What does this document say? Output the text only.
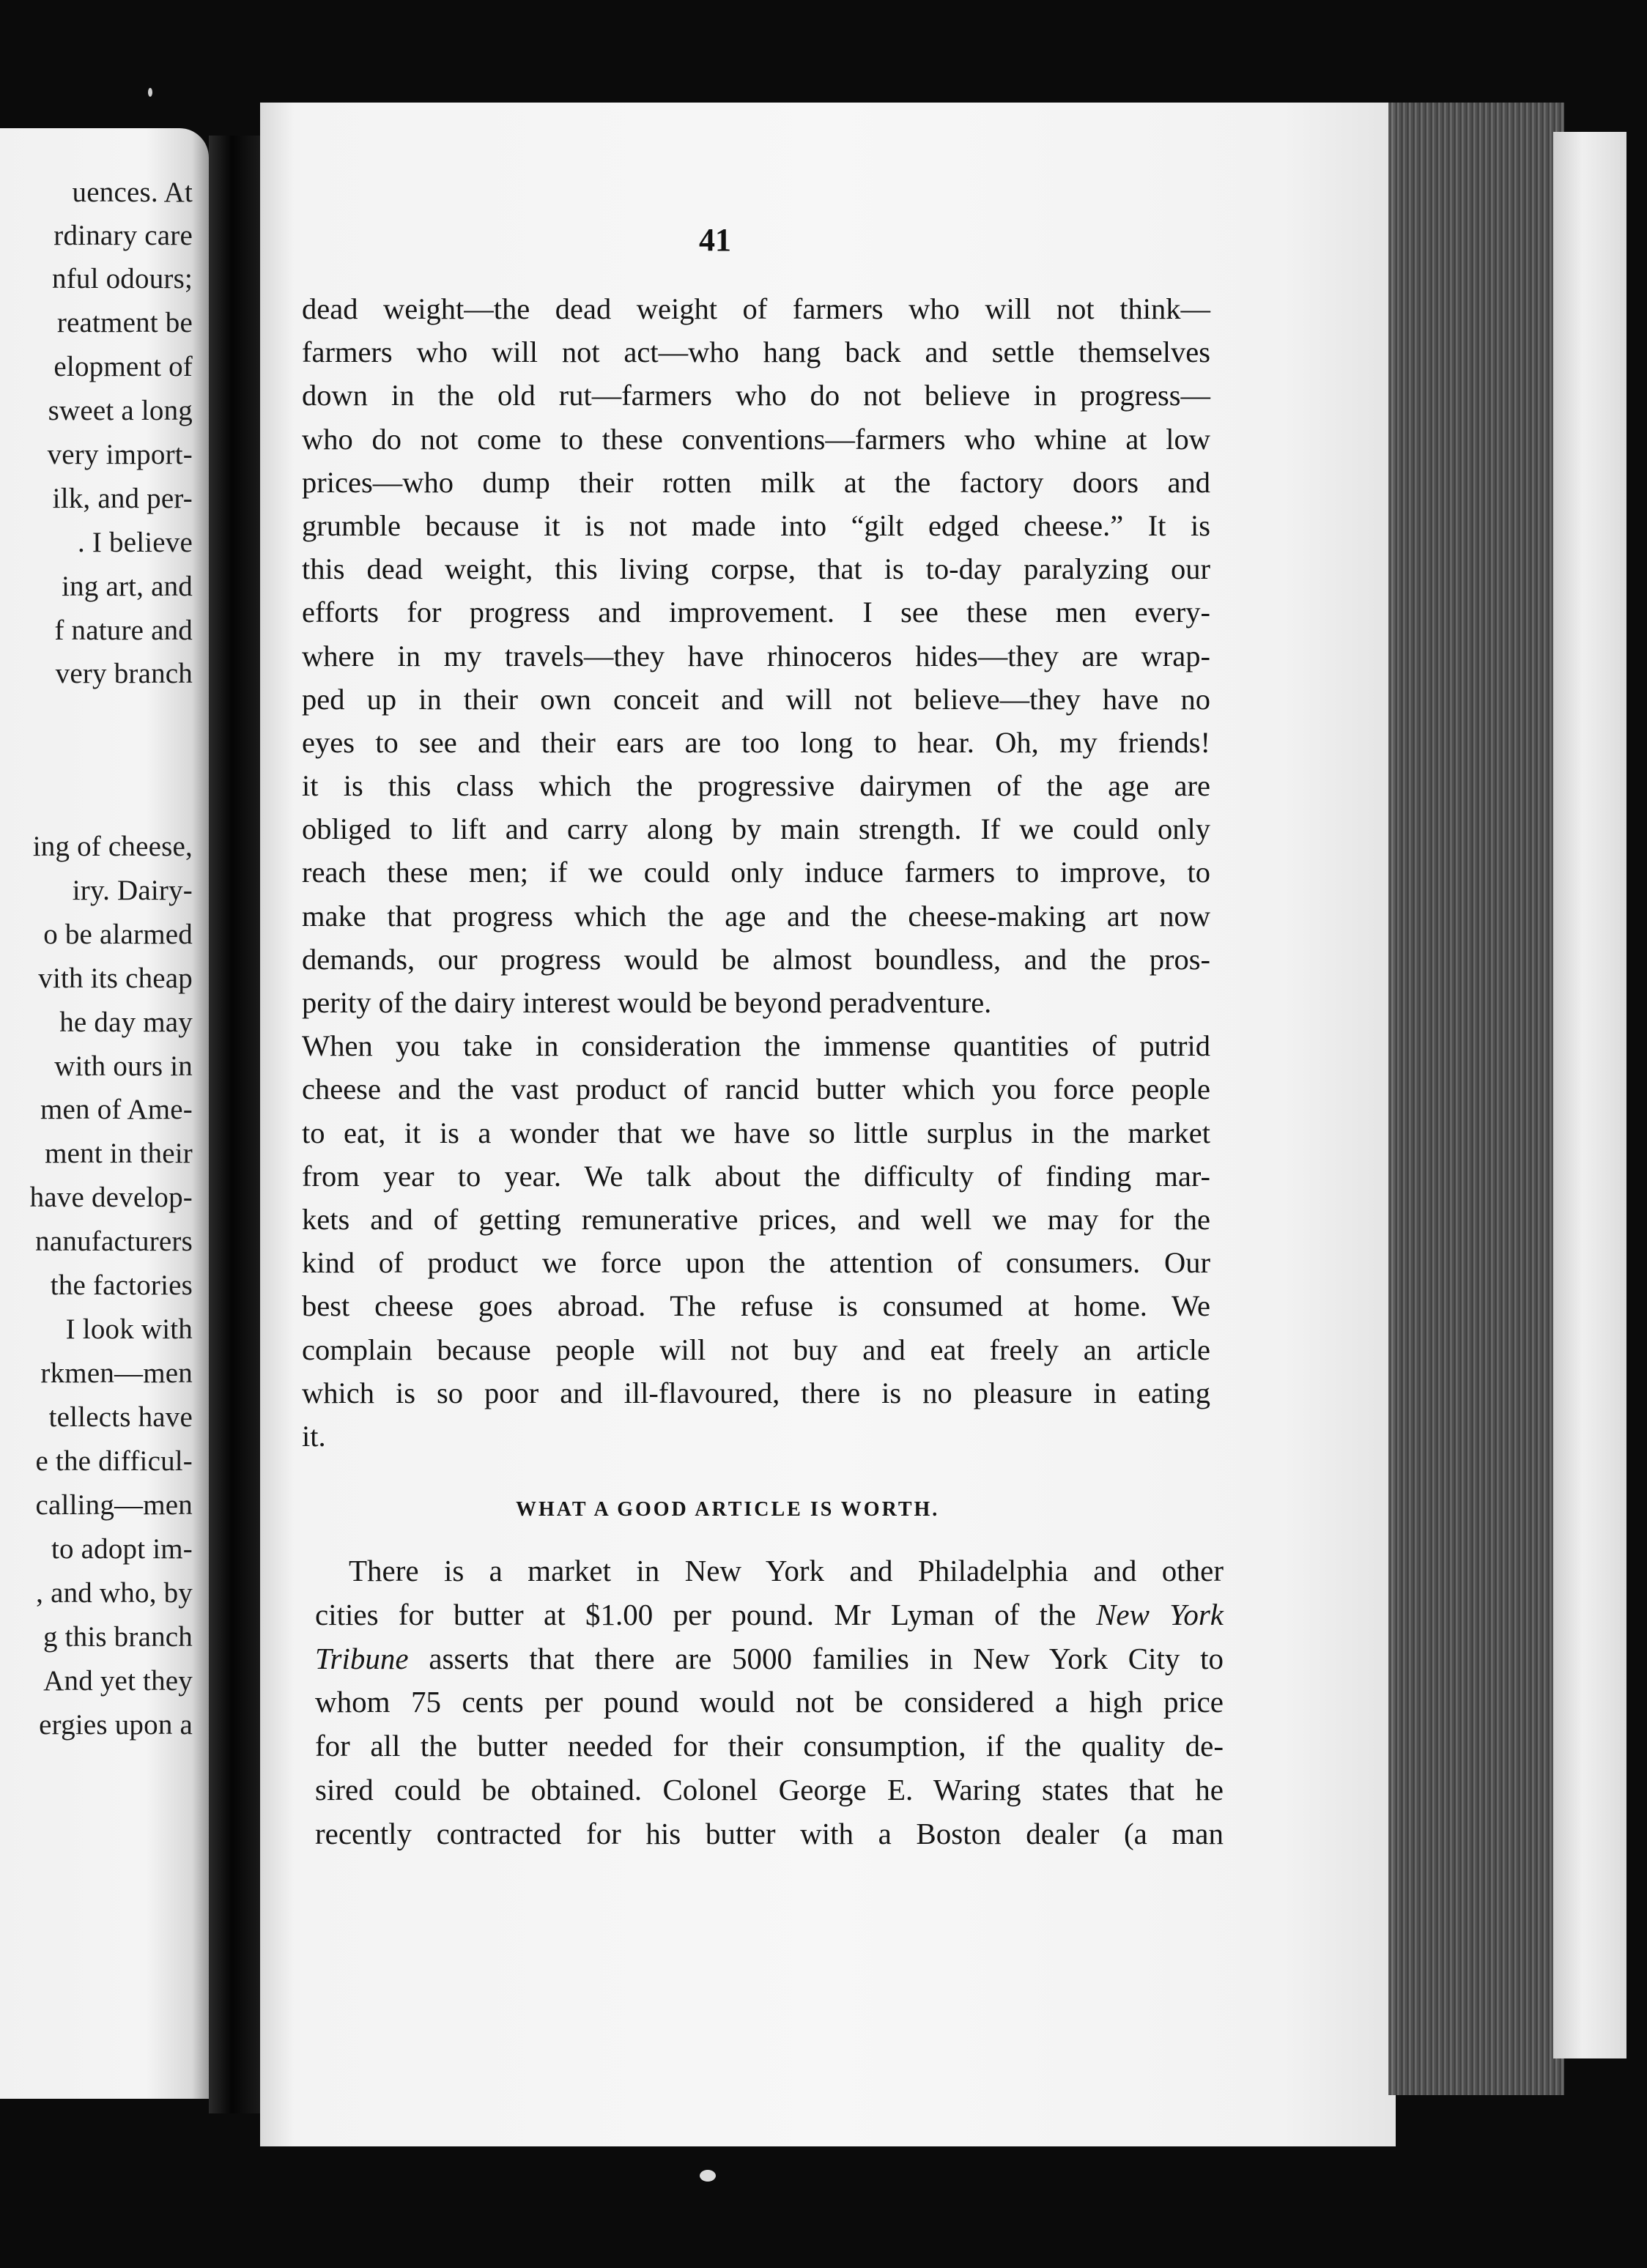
uences. At
rdinary care
nful odours;
reatment be
elopment of
sweet a long
very import-
ilk, and per-
. I believe
ing art, and
f nature and
very branch
ing of cheese,
iry. Dairy-
o be alarmed
vith its cheap
he day may
with ours in
men of Ame-
ment in their
have develop-
nanufacturers
the factories
I look with
rkmen—men
tellects have
e the difficul-
calling—men
to adopt im-
, and who, by
g this branch
And yet they
ergies upon a
41
dead weight—the dead weight of farmers who will not think—
farmers who will not act—who hang back and settle themselves
down in the old rut—farmers who do not believe in progress—
who do not come to these conventions—farmers who whine at low
prices—who dump their rotten milk at the factory doors and
grumble because it is not made into “gilt edged cheese.” It is
this dead weight, this living corpse, that is to-day paralyzing our
efforts for progress and improvement. I see these men every-
where in my travels—they have rhinoceros hides—they are wrap-
ped up in their own conceit and will not believe—they have no
eyes to see and their ears are too long to hear. Oh, my friends!
it is this class which the progressive dairymen of the age are
obliged to lift and carry along by main strength. If we could only
reach these men; if we could only induce farmers to improve, to
make that progress which the age and the cheese-making art now
demands, our progress would be almost boundless, and the pros-
perity of the dairy interest would be beyond peradventure.
When you take in consideration the immense quantities of putrid
cheese and the vast product of rancid butter which you force people
to eat, it is a wonder that we have so little surplus in the market
from year to year. We talk about the difficulty of finding mar-
kets and of getting remunerative prices, and well we may for the
kind of product we force upon the attention of consumers. Our
best cheese goes abroad. The refuse is consumed at home. We
complain because people will not buy and eat freely an article
which is so poor and ill-flavoured, there is no pleasure in eating
it.
WHAT A GOOD ARTICLE IS WORTH.
There is a market in New York and Philadelphia and other
cities for butter at $1.00 per pound. Mr Lyman of the New York
Tribune asserts that there are 5000 families in New York City to
whom 75 cents per pound would not be considered a high price
for all the butter needed for their consumption, if the quality de-
sired could be obtained. Colonel George E. Waring states that he
recently contracted for his butter with a Boston dealer (a man
